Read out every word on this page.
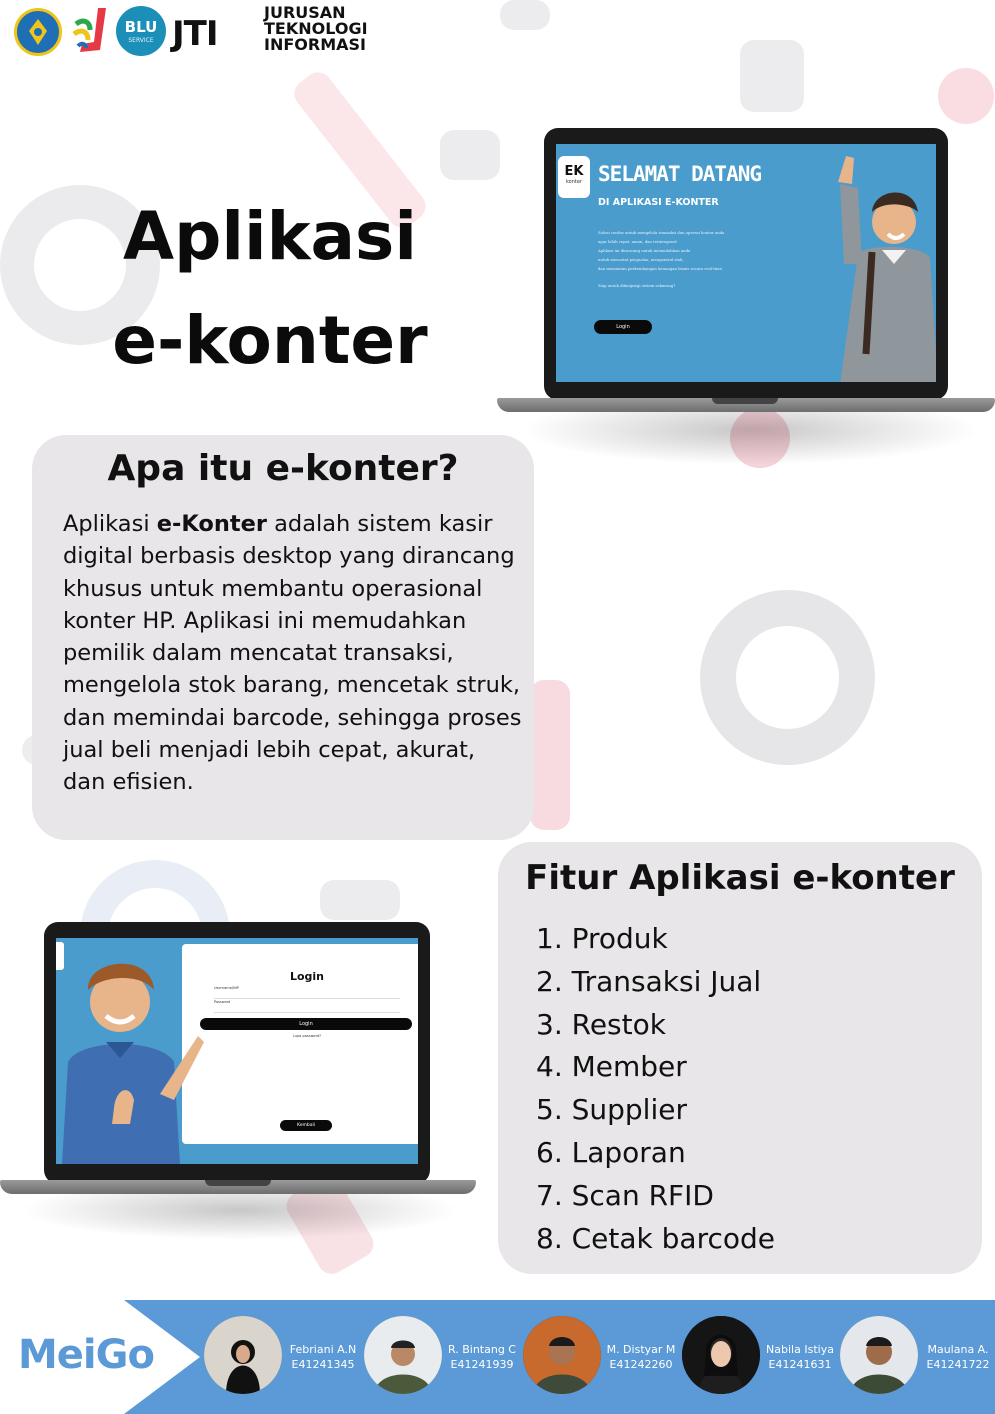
BLU
SERVICE JTI
JURUSAN
TEKNOLOGI
INFORMASI
Aplikasi
e-konter
EK
konter SELAMAT DATANG
DI APLIKASI E-KONTER
Solusi cerdas untuk mengelola transaksi dan operasi konter anda
agar lebih cepat, aman, dan terintegrasi!
Aplikasi ini dirancang untuk memudahkan anda
untuk mencatat penjualan, mengontrol stok,
dan memantau perkembangan keuangan bisnis secara real-time.
Siap untuk dikunjungi sistem sekarang?
Login
Apa itu e-konter?
Aplikasi e-Konter adalah sistem kasir digital berbasis desktop yang dirancang khusus untuk membantu operasional konter HP. Aplikasi ini memudahkan pemilik dalam mencatat transaksi, mengelola stok barang, mencetak struk, dan memindai barcode, sehingga proses jual beli menjadi lebih cepat, akurat, dan efisien.
Login
Username/NIP
Password
Login
Lupa password?
Kembali
Fitur Aplikasi e-konter
1. Produk
2. Transaksi Jual
3. Restok
4. Member
5. Supplier
6. Laporan
7. Scan RFID
8. Cetak barcode
MeiGo	Febriani A.N
E41241345
R. Bintang C
E41241939
M. Distyar M
E41242260
Nabila Istiya
E41241631
Maulana A.
E41241722
